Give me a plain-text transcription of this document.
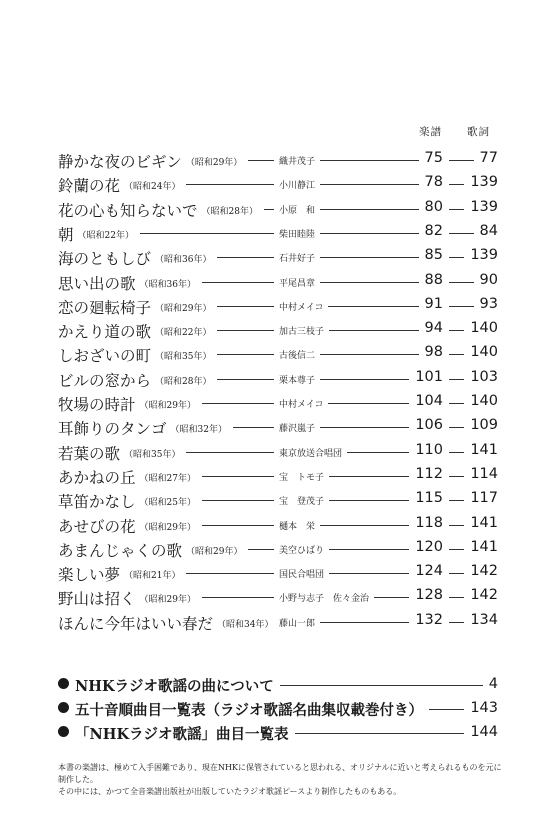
楽譜 歌詞
静かな夜のビギン （昭和29年）	織井茂子	75	77
鈴蘭の花 （昭和24年）	小川静江	78 139
花の心も知らないで （昭和28年）	小原　和	80 139
朝 （昭和22年）	柴田睦陸	82	84
海のともしび （昭和36年）	石井好子	85 139
思い出の歌 （昭和36年）	平尾昌章	88	90
恋の廻転椅子 （昭和29年）	中村メイコ	91	93
かえり道の歌 （昭和22年）	加古三枝子	94 140
しおざいの町 （昭和35年）	古後信二	98 140
ビルの窓から （昭和28年）	栗本尊子	101 103
牧場の時計 （昭和29年）	中村メイコ	104 140
耳飾りのタンゴ （昭和32年）	藤沢嵐子	106 109
若葉の歌 （昭和35年）	東京放送合唱団	110 141
あかねの丘 （昭和27年）	宝　トモ子	112 114
草笛かなし （昭和25年）	宝　登茂子	115 117
あせびの花 （昭和29年）	樋本　栄	118 141
あまんじゃくの歌 （昭和29年）	美空ひばり	120 141
楽しい夢 （昭和21年）	国民合唱団	124 142
野山は招く （昭和29年）	小野与志子　佐々金治	128 142
ほんに今年はいい春だ （昭和34年） 藤山一郎	132 134
NHKラジオ歌謡の曲について	4
五十音順曲目一覧表（ラジオ歌謡名曲集収載巻付き）	143
「NHKラジオ歌謡」曲目一覧表	144
本書の楽譜は、極めて入手困難であり、現在NHKに保管されていると思われる、オリジナルに近いと考えられるものを元に制作した。
その中には、かつて全音楽譜出版社が出版していたラジオ歌謡ピースより制作したものもある。
